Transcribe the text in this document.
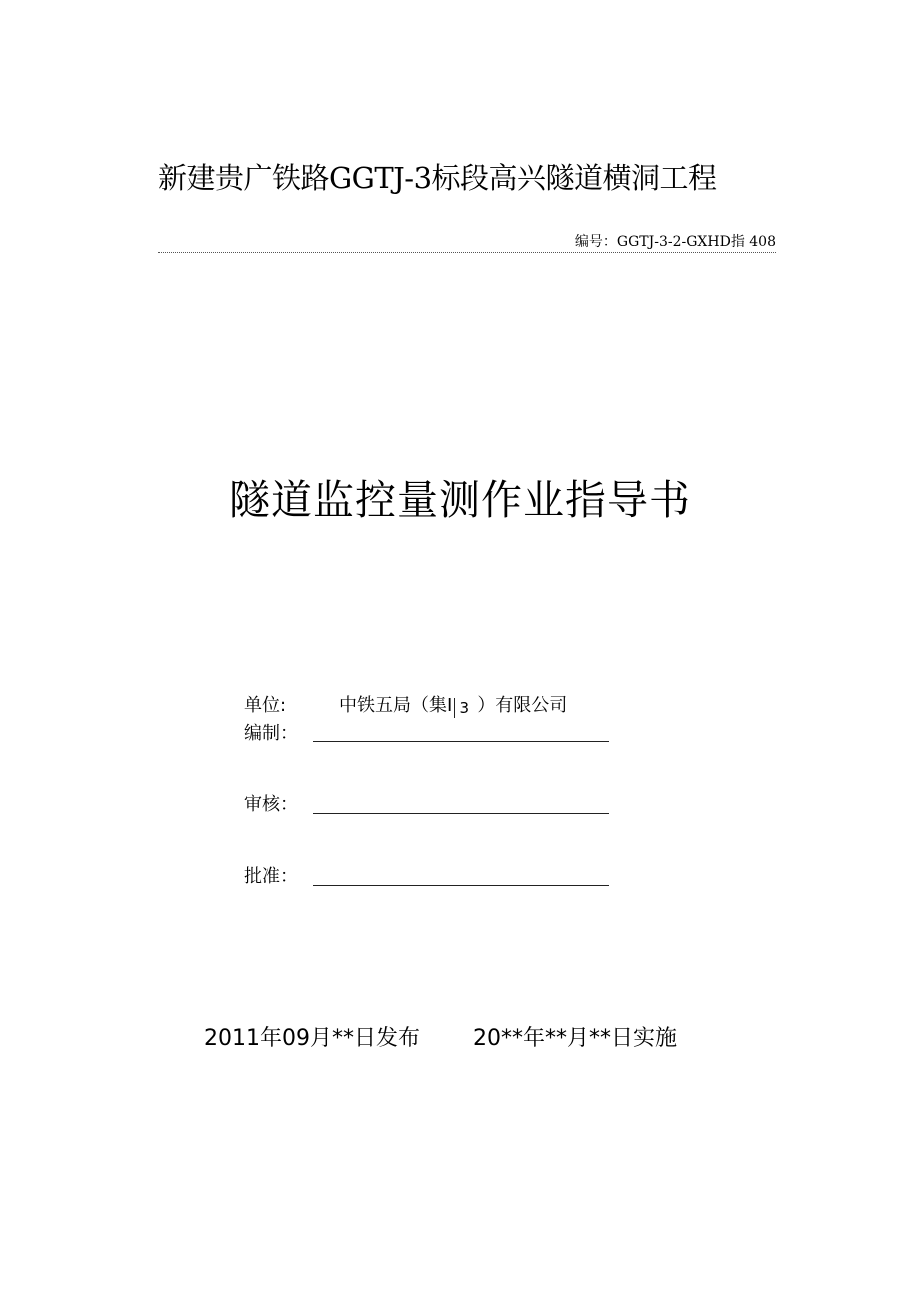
新建贵广铁路GGTJ-3标段高兴隧道横洞工程
编号：GGTJ-3-2-GXHD指 408
隧道监控量测作业指导书
单位:	中铁五局（集I 3 ）有限公司
编制：
审核：
批准：
2011年09月**日发布 20**年**月**日实施
